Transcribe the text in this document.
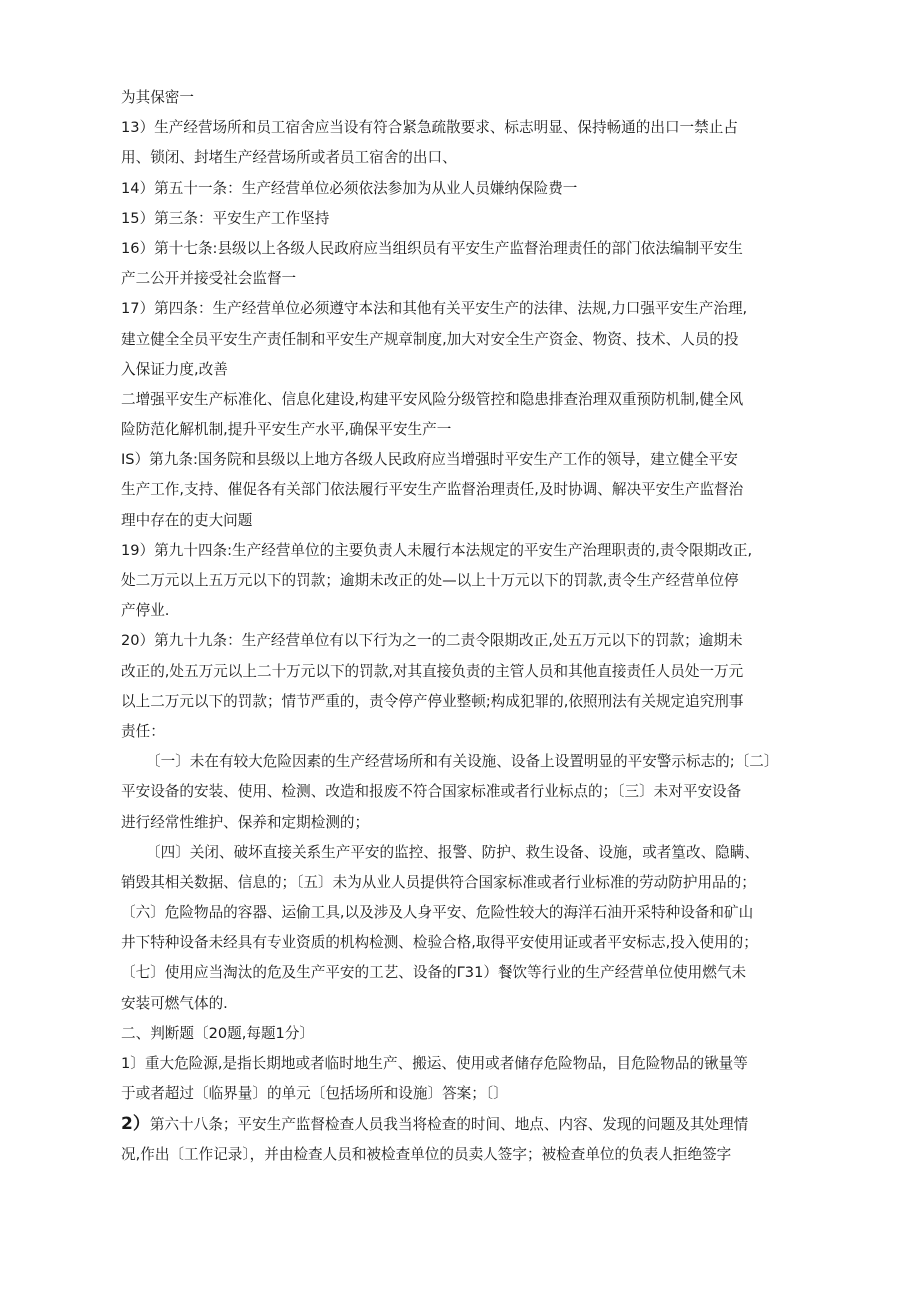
为其保密一
13）生产经营场所和员工宿舍应当设有符合紧急疏散要求、标志明显、保持畅通的出口一禁止占
用、锁闭、封堵生产经营场所或者员工宿舍的出口、
14）第五十一条：生产经营单位必须依法参加为从业人员嫌纳保险费一
15）第三条：平安生产工作坚持
16）第十七条:县级以上各级人民政府应当组织员有平安生产监督治理责任的部门依法编制平安生
产二公开并接受社会监督一
17）第四条：生产经营单位必须遵守本法和其他有关平安生产的法律、法规,力口强平安生产治理,
建立健全全员平安生产责任制和平安生产规章制度,加大对安全生产资金、物资、技术、人员的投
入保证力度,改善
二增强平安生产标准化、信息化建设,构建平安风险分级管控和隐患排查治理双重预防机制,健全风
险防范化解机制,提升平安生产水平,确保平安生产一
IS）第九条:国务院和县级以上地方各级人民政府应当增强时平安生产工作的领导，建立健全平安
生产工作,支持、催促各有关部门依法履行平安生产监督治理责任,及时协调、解决平安生产监督治
理中存在的吏大问题
19）第九十四条:生产经营单位的主要负责人未履行本法规定的平安生产治理职责的,责令限期改正,
处二万元以上五万元以下的罚款；逾期未改正的处—以上十万元以下的罚款,责令生产经营单位停
产停业.
20）第九十九条：生产经营单位有以下行为之一的二责令限期改正,处五万元以下的罚款；逾期未
改正的,处五万元以上二十万元以下的罚款,对其直接负责的主管人员和其他直接责任人员处一万元
以上二万元以下的罚款；情节严重的，责令停产停业整顿;构成犯罪的,依照刑法有关规定追究刑事
责任：
〔一〕未在有较大危险因素的生产经营场所和有关设施、设备上设置明显的平安警示标志的;〔二〕
平安设备的安装、使用、检测、改造和报废不符合国家标准或者行业标点的；〔三〕未对平安设备
进行经常性维护、保养和定期检测的；
〔四〕关闭、破坏直接关系生产平安的监控、报警、防护、救生设备、设施，或者篁改、隐瞒、
销毁其相关数据、信息的；〔五〕未为从业人员提供符合国家标准或者行业标准的劳动防护用品的；
〔六〕危险物品的容器、运偷工具,以及涉及人身平安、危险性较大的海洋石油开采特种设备和矿山
井下特种设备未经具有专业资质的机构检测、检验合格,取得平安使用证或者平安标志,投入使用的；
〔七〕使用应当淘汰的危及生产平安的工艺、设备的Γ31）餐饮等行业的生产经营单位使用燃气未
安装可燃气体的.
二、判断题〔20题,每题1分〕
1〕重大危险源,是指长期地或者临时地生产、搬运、使用或者储存危险物品，目危险物品的锹量等
于或者超过〔临界量〕的单元〔包括场所和设施〕答案；〔〕
2）第六十八条；平安生产监督检查人员我当将检查的时间、地点、内容、发现的问题及其处理情
况,作出〔工作记录〕，并由检查人员和被检查单位的员卖人签字；被检查单位的负表人拒绝签字
